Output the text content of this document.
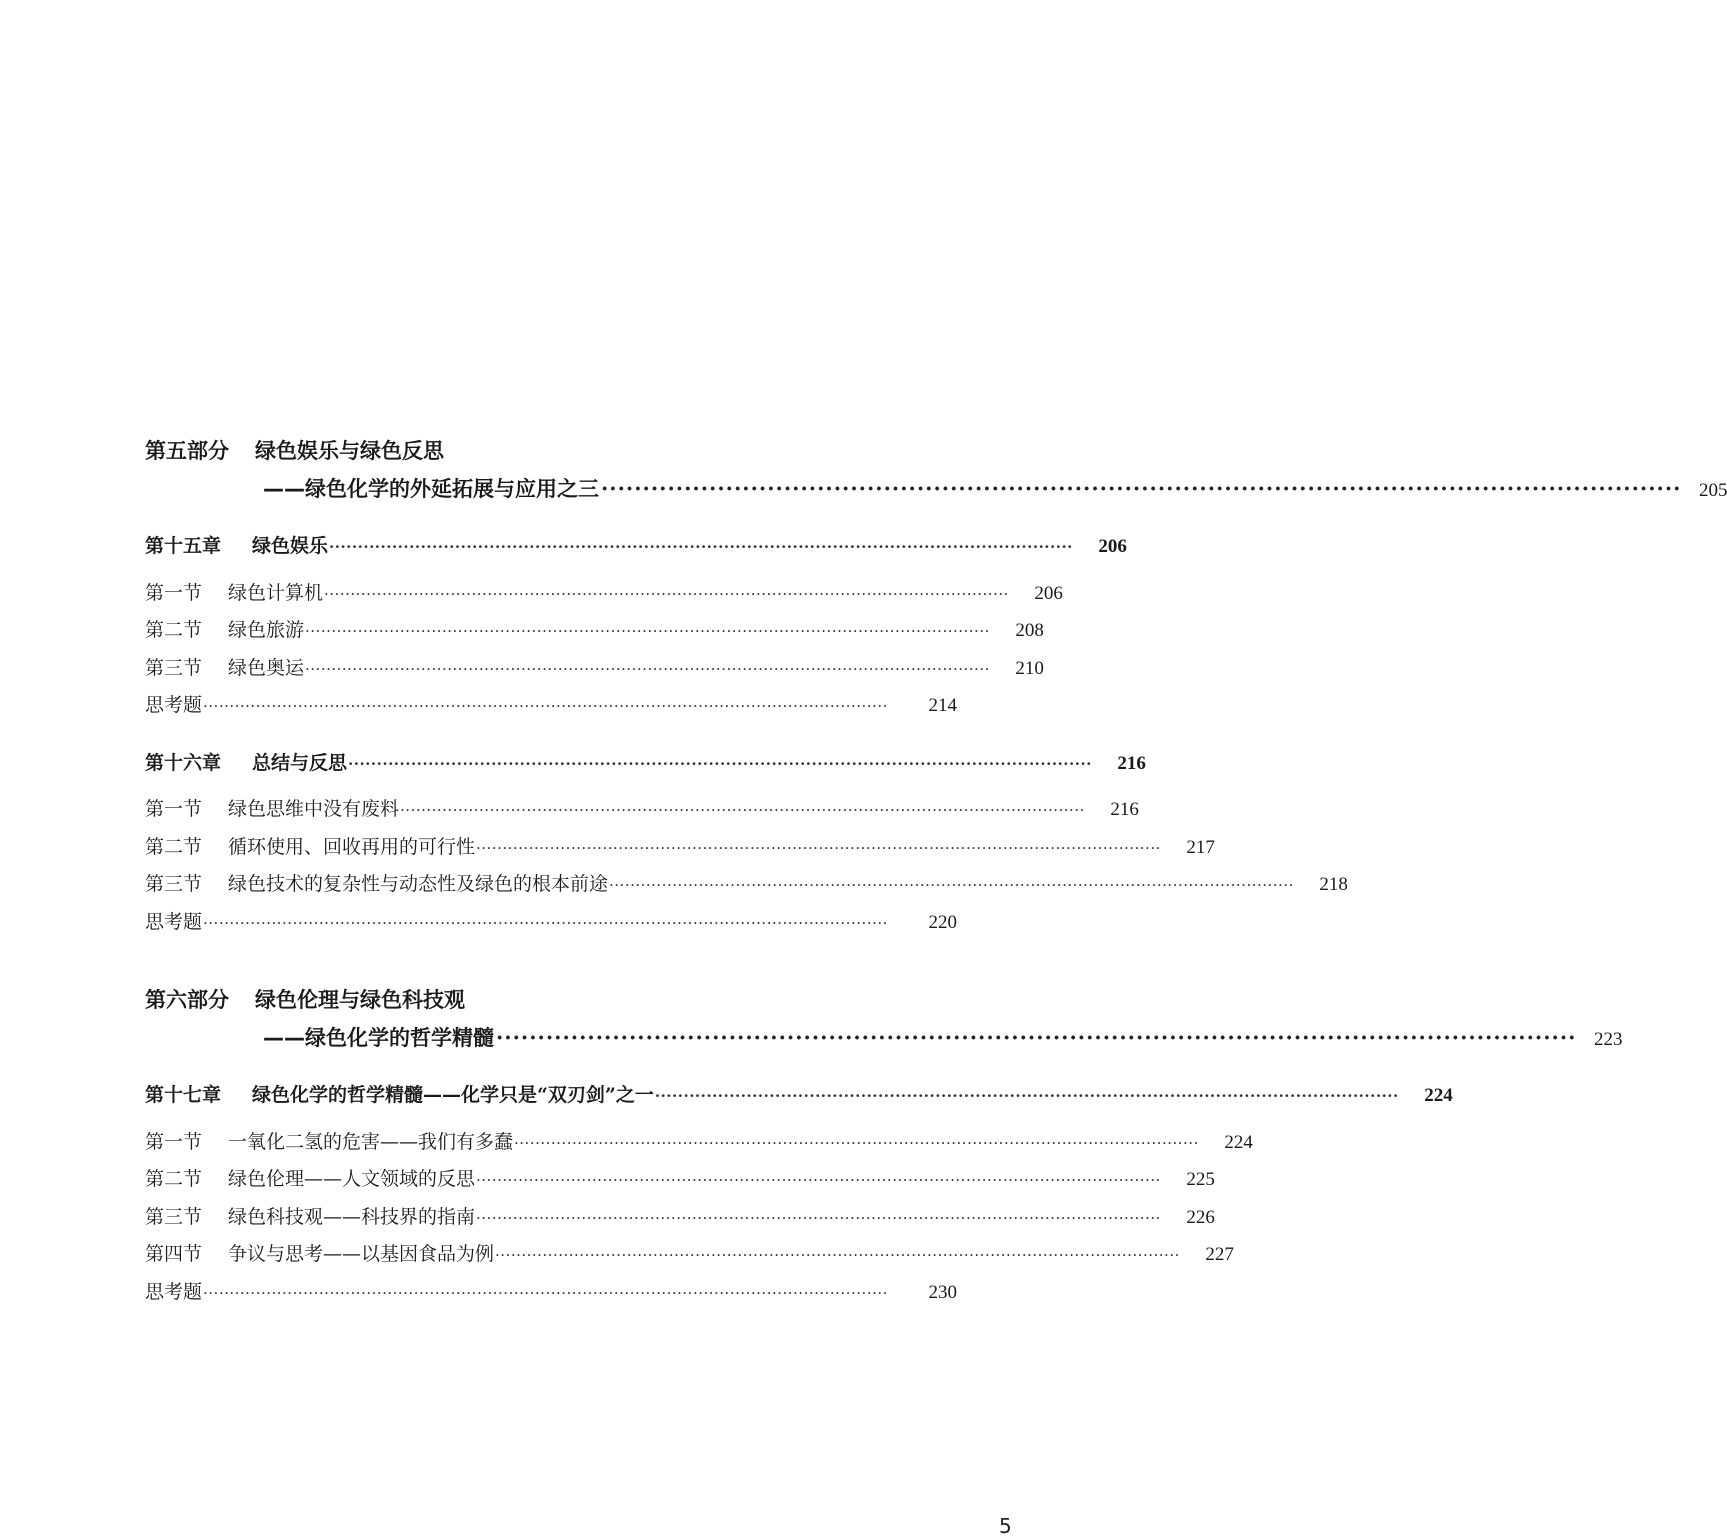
第五部分 绿色娱乐与绿色反思
——绿色化学的外延拓展与应用之三 ·································································································································· 205
第十五章 绿色娱乐 ··································································································································	206
第一节 绿色计算机 ··································································································································	206
第二节 绿色旅游 ··································································································································	208
第三节 绿色奥运 ··································································································································	210
思考题 ··································································································································	214
第十六章 总结与反思 ··································································································································	216
第一节 绿色思维中没有废料 ··································································································································	216
第二节 循环使用、回收再用的可行性 ··································································································································	217
第三节 绿色技术的复杂性与动态性及绿色的根本前途 ··································································································································	218
思考题 ··································································································································	220
第六部分 绿色伦理与绿色科技观
——绿色化学的哲学精髓 ·································································································································· 223
第十七章 绿色化学的哲学精髓——化学只是“双刃剑”之一 ··································································································································	224
第一节 一氧化二氢的危害——我们有多蠢 ··································································································································	224
第二节 绿色伦理——人文领域的反思 ··································································································································	225
第三节 绿色科技观——科技界的指南 ··································································································································	226
第四节 争议与思考——以基因食品为例 ··································································································································	227
思考题 ··································································································································	230
5
